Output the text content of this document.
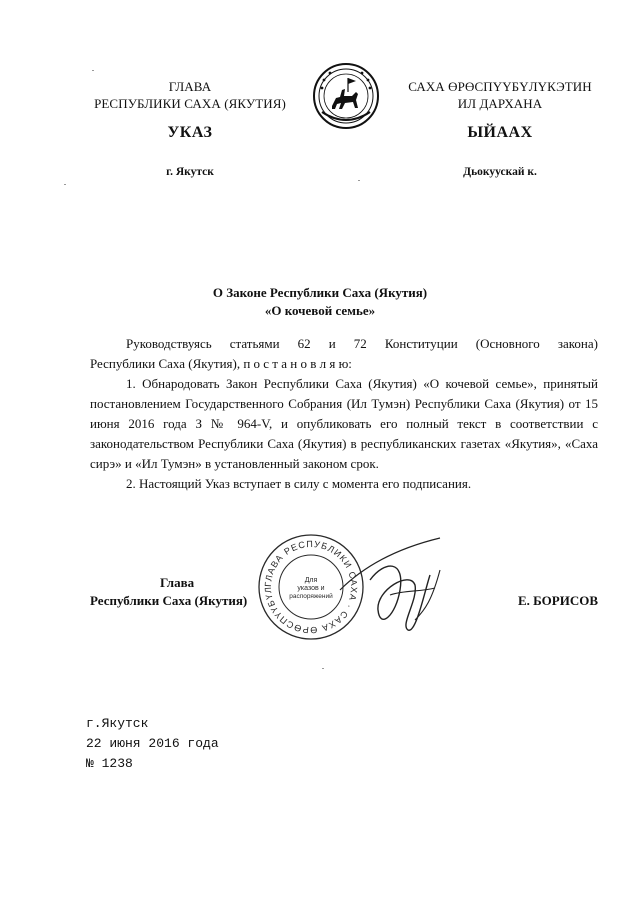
ГЛАВА
РЕСПУБЛИКИ САХА (ЯКУТИЯ)
САХА ӨРӨСПҮҮБҮЛҮКЭТИН
ИЛ ДАРХАНА
УКАЗ	ЫЙААХ
г. Якутск	Дьокуускай к.
О Законе Республики Саха (Якутия)
«О кочевой семье»

Руководствуясь статьями 62 и 72 Конституции (Основного закона)

Республики Саха (Якутия), п о с т а н о в л я ю:

1. Обнародовать Закон Республики Саха (Якутия) «О кочевой семье», принятый постановлением Государственного Собрания (Ил Тумэн) Республики Саха (Якутия) от 15 июня 2016 года З № 964-V, и опубликовать его полный текст в соответствии с законодательством Республики Саха (Якутия) в республиканских газетах «Якутия», «Саха сирэ» и «Ил Тумэн» в установленный законом срок.

2. Настоящий Указ вступает в силу с момента его подписания.

Глава
Республики Саха (Якутия)	Е. БОРИСОВ
ГЛАВА РЕСПУБЛИКИ САХА · САХА ӨРӨСПҮҮБҮЛ
Для
указов и
распоряжений
г.Якутск
22 июня 2016 года
№ 1238
